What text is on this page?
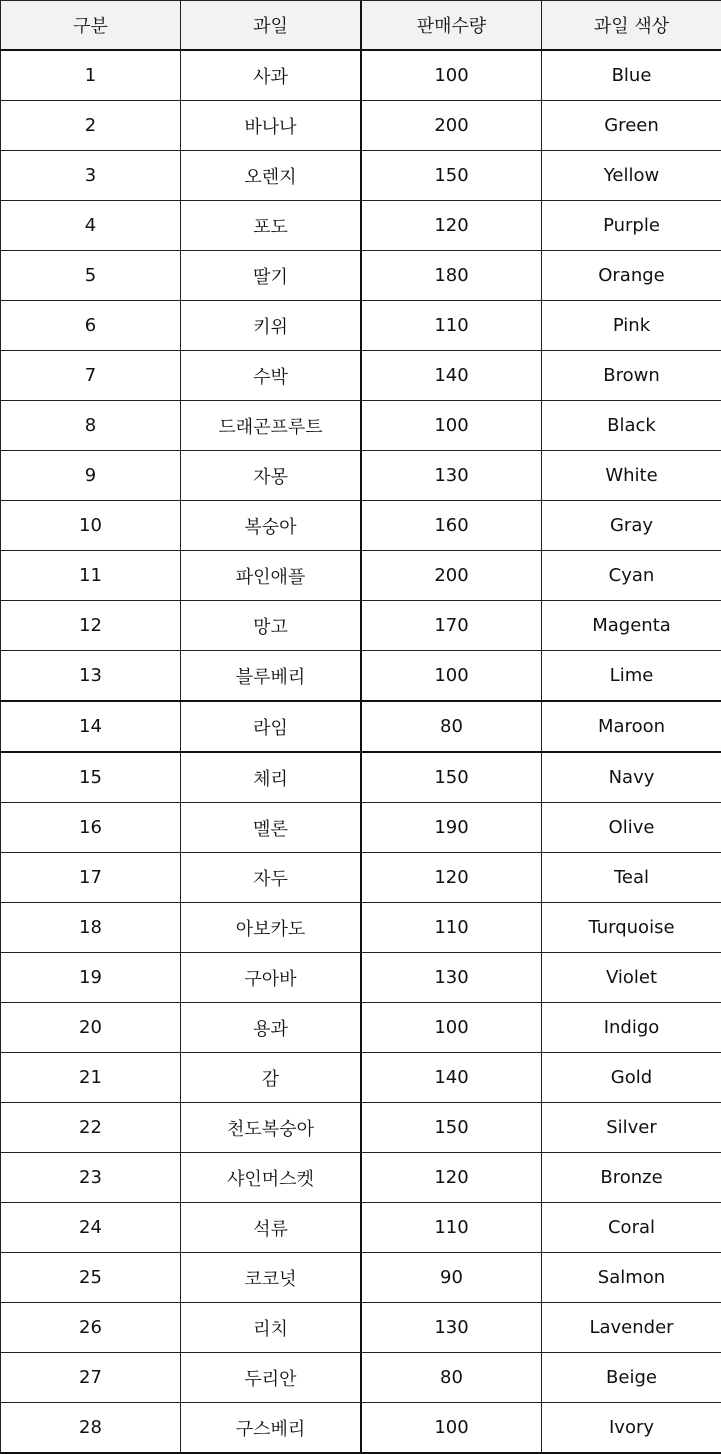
구분	과일	판매수량	과일 색상
1	사과	100	Blue
2	바나나	200	Green
3	오렌지	150	Yellow
4	포도	120	Purple
5	딸기	180	Orange
6	키위	110	Pink
7	수박	140	Brown
8	드래곤프루트	100	Black
9	자몽	130	White
10	복숭아	160	Gray
11	파인애플	200	Cyan
12	망고	170	Magenta
13	블루베리	100	Lime
14	라임	80	Maroon
15	체리	150	Navy
16	멜론	190	Olive
17	자두	120	Teal
18	아보카도	110	Turquoise
19	구아바	130	Violet
20	용과	100	Indigo
21	감	140	Gold
22	천도복숭아	150	Silver
23	샤인머스켓	120	Bronze
24	석류	110	Coral
25	코코넛	90	Salmon
26	리치	130	Lavender
27	두리안	80	Beige
28	구스베리	100	Ivory
